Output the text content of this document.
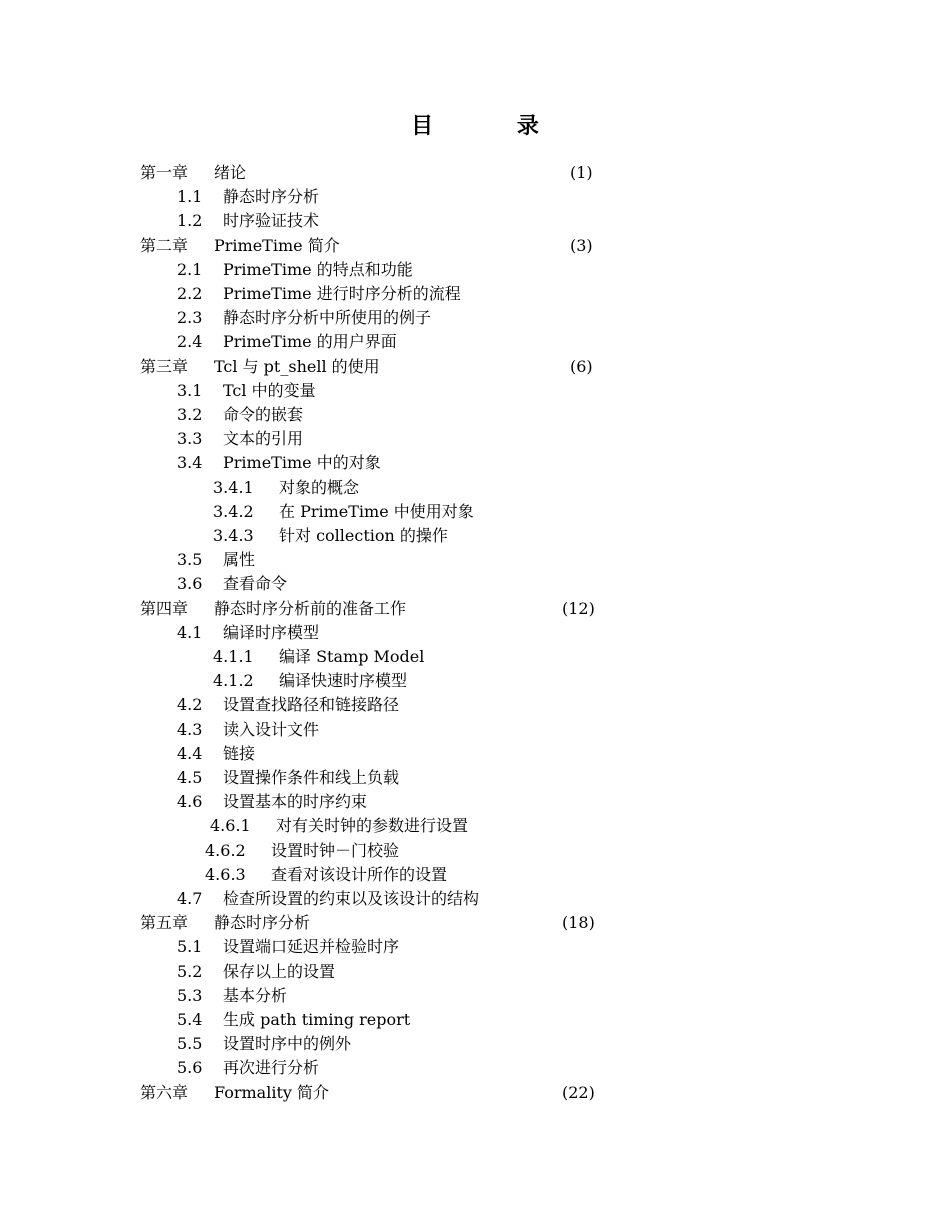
目 录
第一章 绪论	(1)
1.1 静态时序分析
1.2 时序验证技术
第二章 PrimeTime 简介	(3)
2.1 PrimeTime 的特点和功能
2.2 PrimeTime 进行时序分析的流程
2.3 静态时序分析中所使用的例子
2.4 PrimeTime 的用户界面
第三章 Tcl 与 pt_shell 的使用	(6)
3.1 Tcl 中的变量
3.2 命令的嵌套
3.3 文本的引用
3.4 PrimeTime 中的对象
3.4.1 对象的概念
3.4.2 在 PrimeTime 中使用对象
3.4.3 针对 collection 的操作
3.5 属性
3.6 查看命令
第四章 静态时序分析前的准备工作	(12)
4.1 编译时序模型
4.1.1 编译 Stamp Model
4.1.2 编译快速时序模型
4.2 设置查找路径和链接路径
4.3 读入设计文件
4.4 链接
4.5 设置操作条件和线上负载
4.6 设置基本的时序约束
4.6.1 对有关时钟的参数进行设置
4.6.2 设置时钟－门校验
4.6.3 查看对该设计所作的设置
4.7 检查所设置的约束以及该设计的结构
第五章 静态时序分析	(18)
5.1 设置端口延迟并检验时序
5.2 保存以上的设置
5.3 基本分析
5.4 生成 path timing report
5.5 设置时序中的例外
5.6 再次进行分析
第六章 Formality 简介	(22)
